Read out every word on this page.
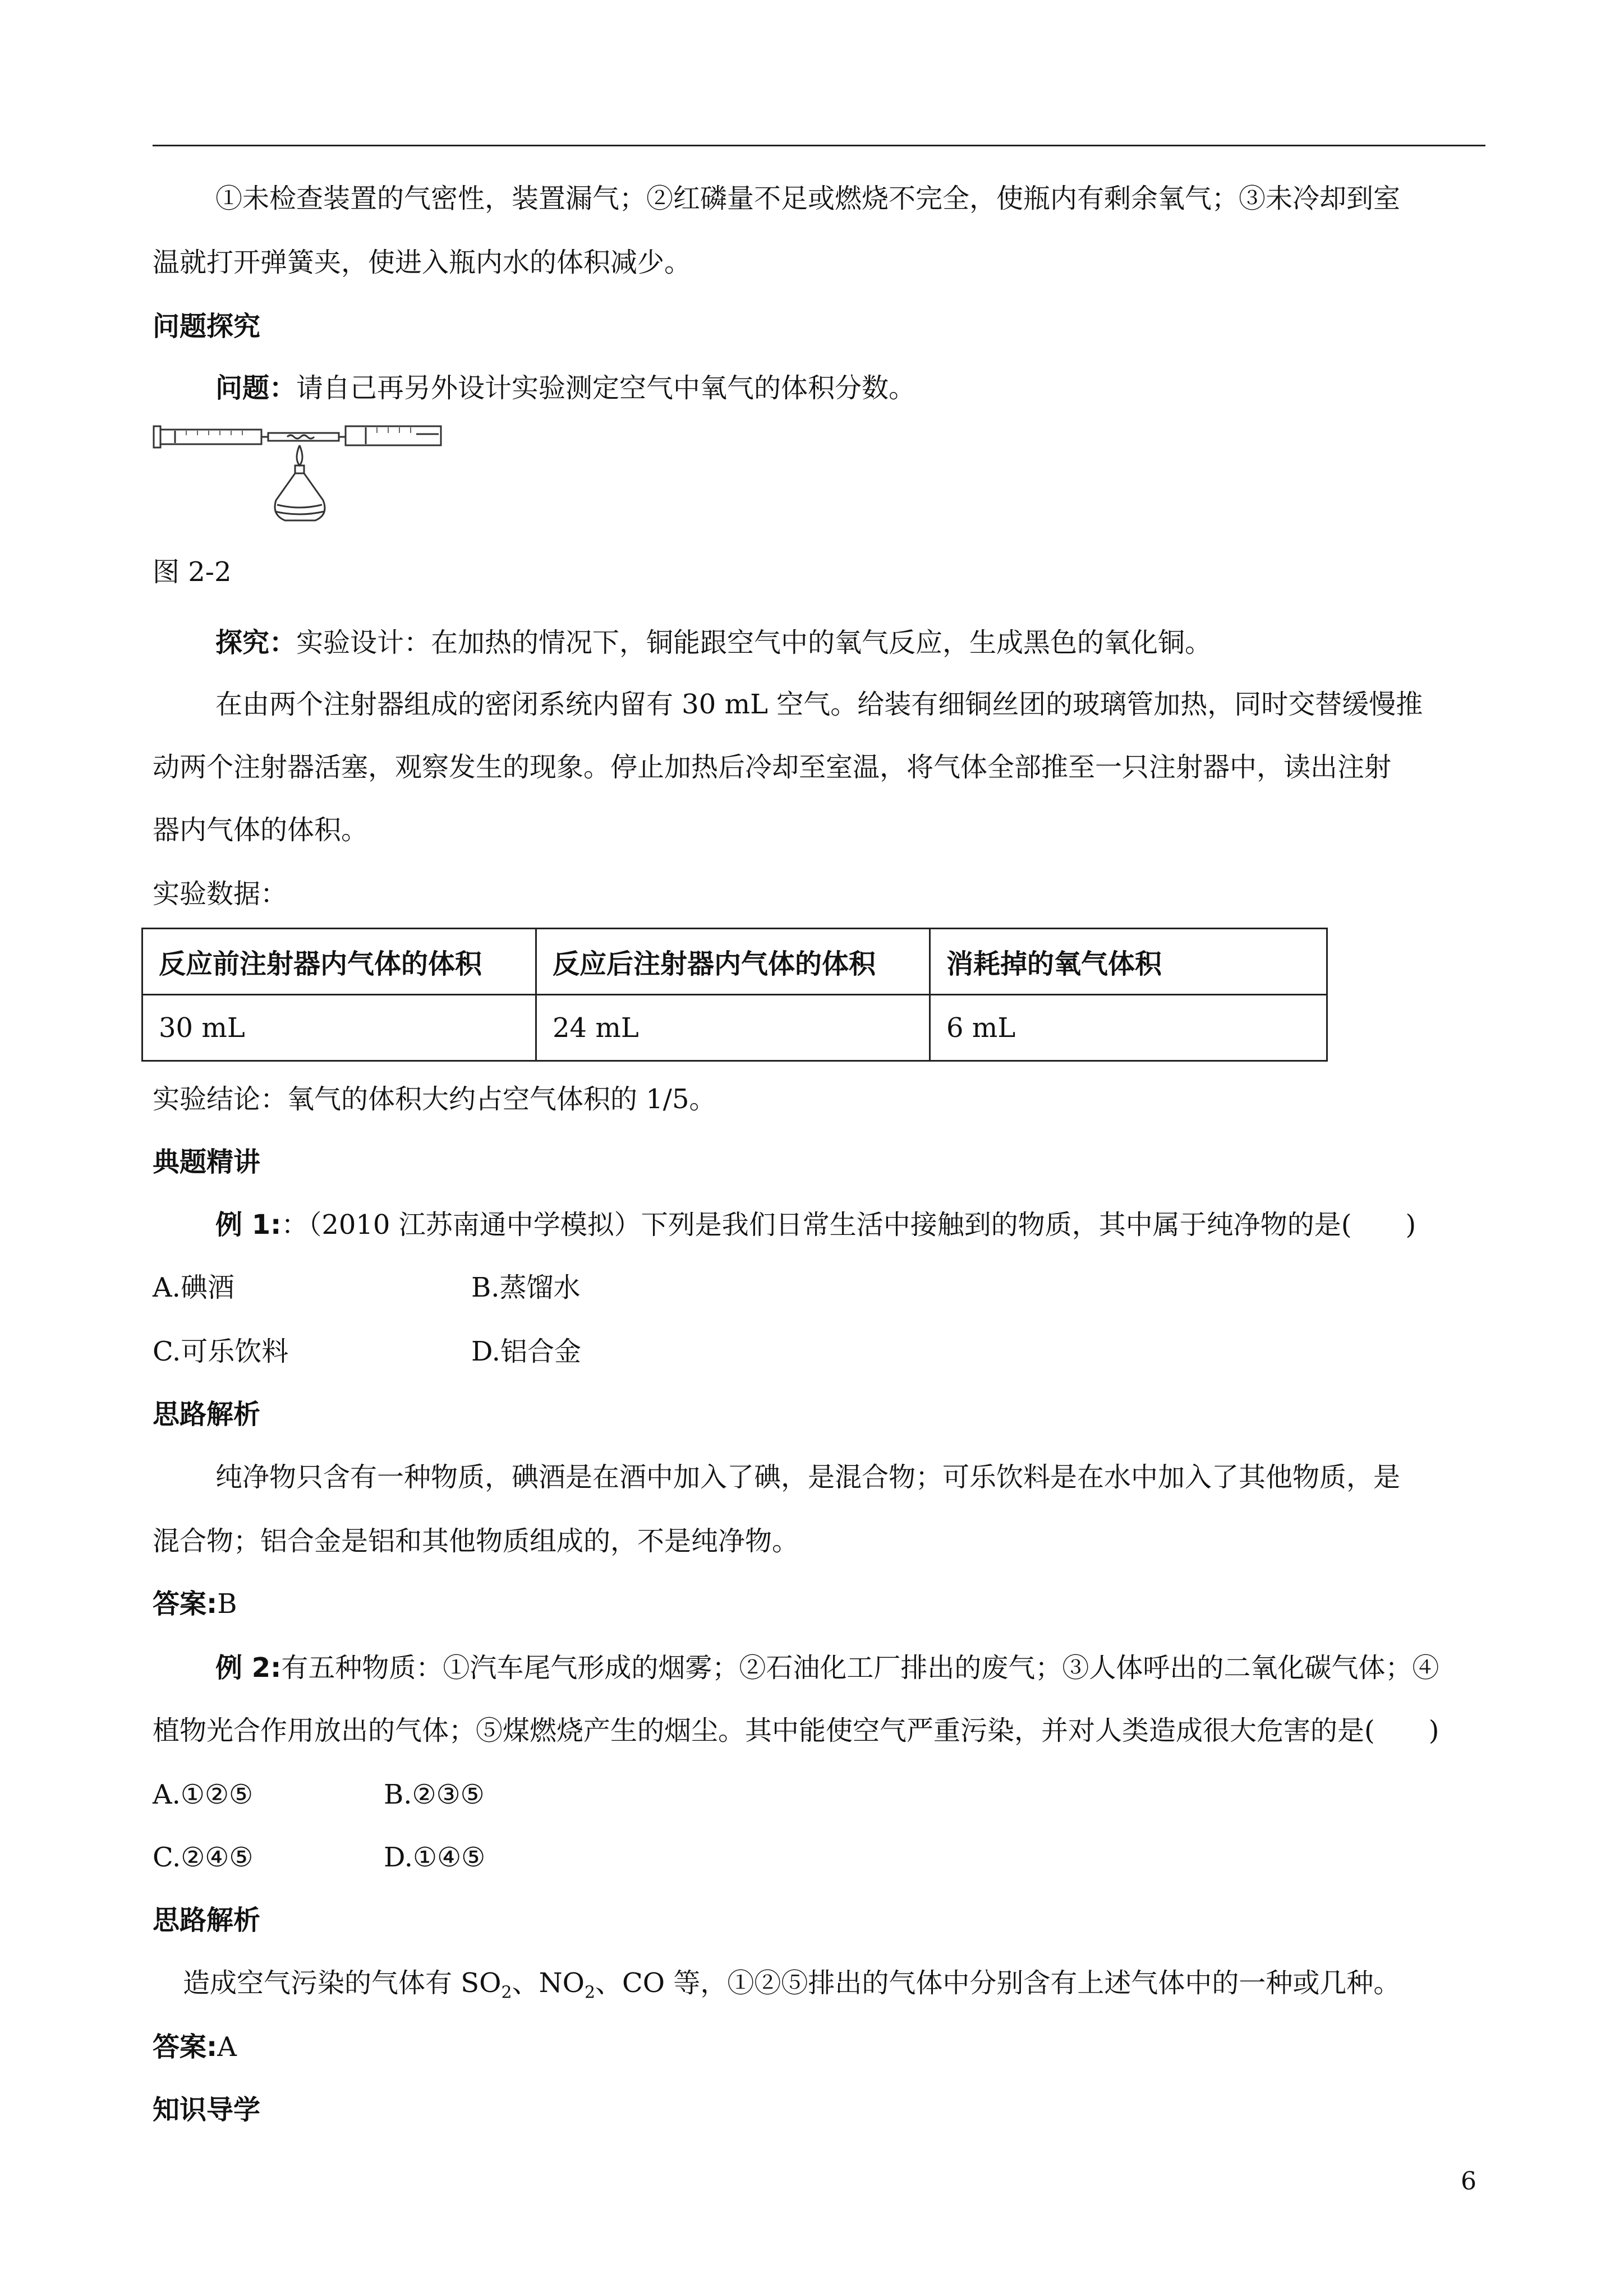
①未检查装置的气密性，装置漏气；②红磷量不足或燃烧不完全，使瓶内有剩余氧气；③未冷却到室
温就打开弹簧夹，使进入瓶内水的体积减少。
问题探究
问题：请自己再另外设计实验测定空气中氧气的体积分数。
图 2-2
探究：实验设计：在加热的情况下，铜能跟空气中的氧气反应，生成黑色的氧化铜。
在由两个注射器组成的密闭系统内留有 30 mL 空气。给装有细铜丝团的玻璃管加热，同时交替缓慢推
动两个注射器活塞，观察发生的现象。停止加热后冷却至室温，将气体全部推至一只注射器中，读出注射
器内气体的体积。
实验数据：
反应前注射器内气体的体积	反应后注射器内气体的体积	消耗掉的氧气体积
30 mL	24 mL	6 mL
实验结论：氧气的体积大约占空气体积的 1/5。
典题精讲
例 1:：（2010 江苏南通中学模拟）下列是我们日常生活中接触到的物质，其中属于纯净物的是(　　)
A.碘酒	B.蒸馏水
C.可乐饮料	D.铝合金
思路解析
纯净物只含有一种物质，碘酒是在酒中加入了碘，是混合物；可乐饮料是在水中加入了其他物质，是
混合物；铝合金是铝和其他物质组成的，不是纯净物。
答案:B
例 2:有五种物质：①汽车尾气形成的烟雾；②石油化工厂排出的废气；③人体呼出的二氧化碳气体；④
植物光合作用放出的气体；⑤煤燃烧产生的烟尘。其中能使空气严重污染，并对人类造成很大危害的是(　　)
A.①②⑤	B.②③⑤
C.②④⑤	D.①④⑤
思路解析
造成空气污染的气体有 $SO_2$、$NO_2$、CO 等，①②⑤排出的气体中分别含有上述气体中的一种或几种。
答案:A
知识导学
6
